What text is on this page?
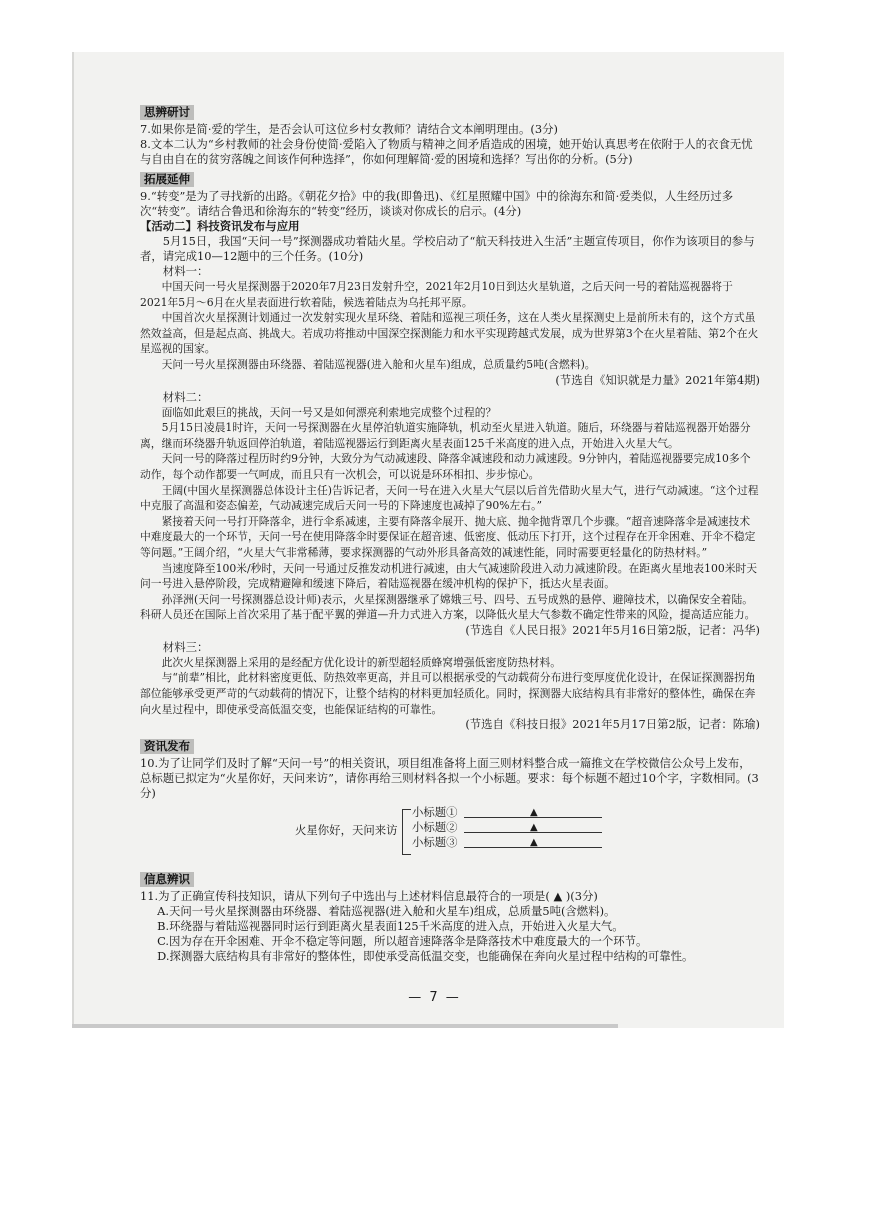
思辨研讨

7.如果你是简·爱的学生，是否会认可这位乡村女教师？请结合文本阐明理由。(3分)

8.文本二认为“乡村教师的社会身份使简·爱陷入了物质与精神之间矛盾造成的困境，她开始认真思考在依附于人的衣食无忧与自由自在的贫穷落魄之间该作何种选择”，你如何理解简·爱的困境和选择？写出你的分析。(5分)

拓展延伸

9.“转变”是为了寻找新的出路。《朝花夕拾》中的我(即鲁迅)、《红星照耀中国》中的徐海东和简·爱类似，人生经历过多次“转变”。请结合鲁迅和徐海东的“转变”经历，谈谈对你成长的启示。(4分)

【活动二】科技资讯发布与应用

5月15日，我国“天问一号”探测器成功着陆火星。学校启动了“航天科技进入生活”主题宣传项目，你作为该项目的参与者，请完成10—12题中的三个任务。(10分)

材料一：

中国天问一号火星探测器于2020年7月23日发射升空，2021年2月10日到达火星轨道，之后天问一号的着陆巡视器将于2021年5月～6月在火星表面进行软着陆，候选着陆点为乌托邦平原。

中国首次火星探测计划通过一次发射实现火星环绕、着陆和巡视三项任务，这在人类火星探测史上是前所未有的，这个方式虽然效益高，但是起点高、挑战大。若成功将推动中国深空探测能力和水平实现跨越式发展，成为世界第3个在火星着陆、第2个在火星巡视的国家。

天问一号火星探测器由环绕器、着陆巡视器(进入舱和火星车)组成，总质量约5吨(含燃料)。

(节选自《知识就是力量》2021年第4期)

材料二：

面临如此艰巨的挑战，天问一号又是如何漂亮利索地完成整个过程的？

5月15日凌晨1时许，天问一号探测器在火星停泊轨道实施降轨，机动至火星进入轨道。随后，环绕器与着陆巡视器开始器分离，继而环绕器升轨返回停泊轨道，着陆巡视器运行到距离火星表面125千米高度的进入点，开始进入火星大气。

天问一号的降落过程历时约9分钟，大致分为气动减速段、降落伞减速段和动力减速段。9分钟内，着陆巡视器要完成10多个动作，每个动作都要一气呵成，而且只有一次机会，可以说是环环相扣、步步惊心。

王阔(中国火星探测器总体设计主任)告诉记者，天问一号在进入火星大气层以后首先借助火星大气，进行气动减速。“这个过程中克服了高温和姿态偏差，气动减速完成后天问一号的下降速度也减掉了90%左右。”

紧接着天问一号打开降落伞，进行伞系减速，主要有降落伞展开、抛大底、抛伞抛背罩几个步骤。“超音速降落伞是减速技术中难度最大的一个环节，天问一号在使用降落伞时要保证在超音速、低密度、低动压下打开，这个过程存在开伞困难、开伞不稳定等问题。”王阔介绍，“火星大气非常稀薄，要求探测器的气动外形具备高效的减速性能，同时需要更轻量化的防热材料。”

当速度降至100米/秒时，天问一号通过反推发动机进行减速，由大气减速阶段进入动力减速阶段。在距离火星地表100米时天问一号进入悬停阶段，完成精避障和缓速下降后，着陆巡视器在缓冲机构的保护下，抵达火星表面。

孙泽洲(天问一号探测器总设计师)表示，火星探测器继承了嫦娥三号、四号、五号成熟的悬停、避障技术，以确保安全着陆。科研人员还在国际上首次采用了基于配平翼的弹道—升力式进入方案，以降低火星大气参数不确定性带来的风险，提高适应能力。

(节选自《人民日报》2021年5月16日第2版，记者：冯华)

材料三：

此次火星探测器上采用的是经配方优化设计的新型超轻质蜂窝增强低密度防热材料。

与“前辈”相比，此材料密度更低、防热效率更高，并且可以根据承受的气动载荷分布进行变厚度优化设计，在保证探测器拐角部位能够承受更严苛的气动载荷的情况下，让整个结构的材料更加轻质化。同时，探测器大底结构具有非常好的整体性，确保在奔向火星过程中，即使承受高低温交变，也能保证结构的可靠性。

(节选自《科技日报》2021年5月17日第2版，记者：陈瑜)

资讯发布

10.为了让同学们及时了解“天问一号”的相关资讯，项目组准备将上面三则材料整合成一篇推文在学校微信公众号上发布，总标题已拟定为“火星你好，天问来访”，请你再给三则材料各拟一个小标题。要求：每个标题不超过10个字，字数相同。(3分)

火星你好，天问来访
小标题①	▲
小标题②	▲
小标题③	▲
信息辨识

11.为了正确宣传科技知识，请从下列句子中选出与上述材料信息最符合的一项是( ▲ )(3分)

A.天问一号火星探测器由环绕器、着陆巡视器(进入舱和火星车)组成，总质量5吨(含燃料)。

B.环绕器与着陆巡视器同时运行到距离火星表面125千米高度的进入点，开始进入火星大气。

C.因为存在开伞困难、开伞不稳定等问题，所以超音速降落伞是降落技术中难度最大的一个环节。

D.探测器大底结构具有非常好的整体性，即使承受高低温交变，也能确保在奔向火星过程中结构的可靠性。

— 7 —
